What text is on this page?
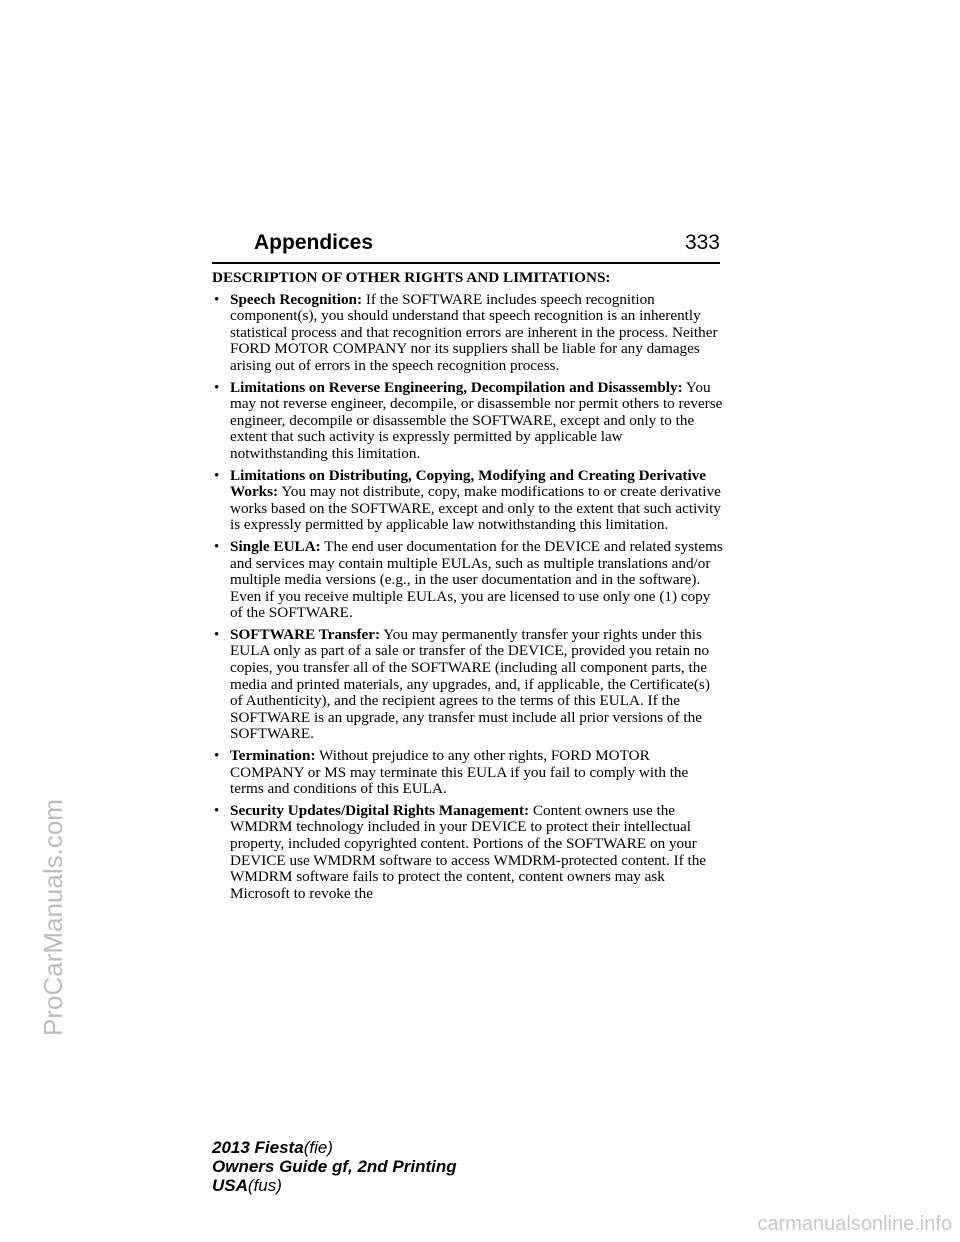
Appendices	333
DESCRIPTION OF OTHER RIGHTS AND LIMITATIONS:
• Speech Recognition: If the SOFTWARE includes speech recognition component(s), you should understand that speech recognition is an inherently statistical process and that recognition errors are inherent in the process. Neither FORD MOTOR COMPANY nor its suppliers shall be liable for any damages arising out of errors in the speech recognition process.
• Limitations on Reverse Engineering, Decompilation and Disassembly: You may not reverse engineer, decompile, or disassemble nor permit others to reverse engineer, decompile or disassemble the SOFTWARE, except and only to the extent that such activity is expressly permitted by applicable law notwithstanding this limitation.
• Limitations on Distributing, Copying, Modifying and Creating Derivative Works: You may not distribute, copy, make modifications to or create derivative works based on the SOFTWARE, except and only to the extent that such activity is expressly permitted by applicable law notwithstanding this limitation.
• Single EULA: The end user documentation for the DEVICE and related systems and services may contain multiple EULAs, such as multiple translations and/or multiple media versions (e.g., in the user documentation and in the software). Even if you receive multiple EULAs, you are licensed to use only one (1) copy of the SOFTWARE.
• SOFTWARE Transfer: You may permanently transfer your rights under this EULA only as part of a sale or transfer of the DEVICE, provided you retain no copies, you transfer all of the SOFTWARE (including all component parts, the media and printed materials, any upgrades, and, if applicable, the Certificate(s) of Authenticity), and the recipient agrees to the terms of this EULA. If the SOFTWARE is an upgrade, any transfer must include all prior versions of the SOFTWARE.
• Termination: Without prejudice to any other rights, FORD MOTOR COMPANY or MS may terminate this EULA if you fail to comply with the terms and conditions of this EULA.
• Security Updates/Digital Rights Management: Content owners use the WMDRM technology included in your DEVICE to protect their intellectual property, included copyrighted content. Portions of the SOFTWARE on your DEVICE use WMDRM software to access WMDRM-protected content. If the WMDRM software fails to protect the content, content owners may ask Microsoft to revoke the
2013 Fiesta(fie)
Owners Guide gf, 2nd Printing
USA(fus)
ProCarManuals.com
carmanualsonline.info
